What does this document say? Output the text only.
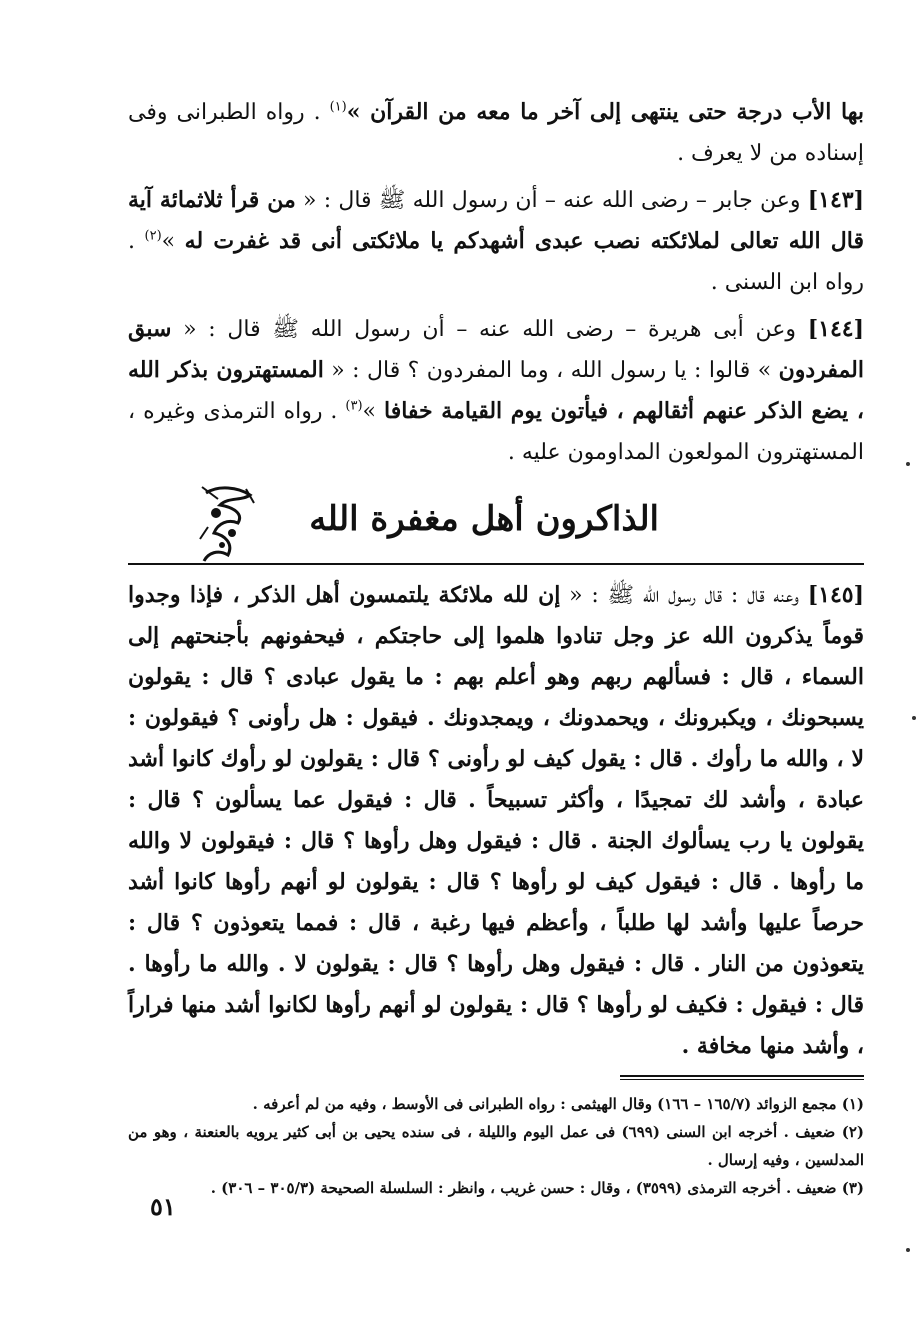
بها الأب درجة حتى ينتهى إلى آخر ما معه من القرآن »$^{(١)}$ . رواه الطبرانى وفى إسناده من لا يعرف .

[١٤٣] وعن جابر – رضى الله عنه – أن رسول الله ﷺ قال : « من قرأ ثلاثمائة آية قال الله تعالى لملائكته نصب عبدى أشهدكم يا ملائكتى أنى قد غفرت له »$^{(٢)}$ . رواه ابن السنى .

[١٤٤] وعن أبى هريرة – رضى الله عنه – أن رسول الله ﷺ قال : « سبق المفردون » قالوا : يا رسول الله ، وما المفردون ؟ قال : « المستهترون بذكر الله ، يضع الذكر عنهم أثقالهم ، فيأتون يوم القيامة خفافا »$^{(٣)}$ . رواه الترمذى وغيره ، المستهترون المولعون المداومون عليه .

الذاكرون أهل مغفرة الله

[١٤٥] وعنه قال : قال رسول الله ﷺ : « إن لله ملائكة يلتمسون أهل الذكر ، فإذا وجدوا قوماً يذكرون الله عز وجل تنادوا هلموا إلى حاجتكم ، فيحفونهم بأجنحتهم إلى السماء ، قال : فسألهم ربهم وهو أعلم بهم : ما يقول عبادى ؟ قال : يقولون يسبحونك ، ويكبرونك ، ويحمدونك ، ويمجدونك . فيقول : هل رأونى ؟ فيقولون : لا ، والله ما رأوك . قال : يقول كيف لو رأونى ؟ قال : يقولون لو رأوك كانوا أشد عبادة ، وأشد لك تمجيدًا ، وأكثر تسبيحاً . قال : فيقول عما يسألون ؟ قال : يقولون يا رب يسألوك الجنة . قال : فيقول وهل رأوها ؟ قال : فيقولون لا والله ما رأوها . قال : فيقول كيف لو رأوها ؟ قال : يقولون لو أنهم رأوها كانوا أشد حرصاً عليها وأشد لها طلباً ، وأعظم فيها رغبة ، قال : فمما يتعوذون ؟ قال : يتعوذون من النار . قال : فيقول وهل رأوها ؟ قال : يقولون لا . والله ما رأوها . قال : فيقول : فكيف لو رأوها ؟ قال : يقولون لو أنهم رأوها لكانوا أشد منها فراراً ، وأشد منها مخافة .

(١) مجمع الزوائد (١٦٥/٧ – ١٦٦) وقال الهيثمى : رواه الطبرانى فى الأوسط ، وفيه من لم أعرفه .

(٢) ضعيف . أخرجه ابن السنى (٦٩٩) فى عمل اليوم والليلة ، فى سنده يحيى بن أبى كثير يرويه بالعنعنة ، وهو من المدلسين ، وفيه إرسال .

(٣) ضعيف . أخرجه الترمذى (٣٥٩٩) ، وقال : حسن غريب ، وانظر : السلسلة الصحيحة (٣٠٥/٣ – ٣٠٦) .

٥١
